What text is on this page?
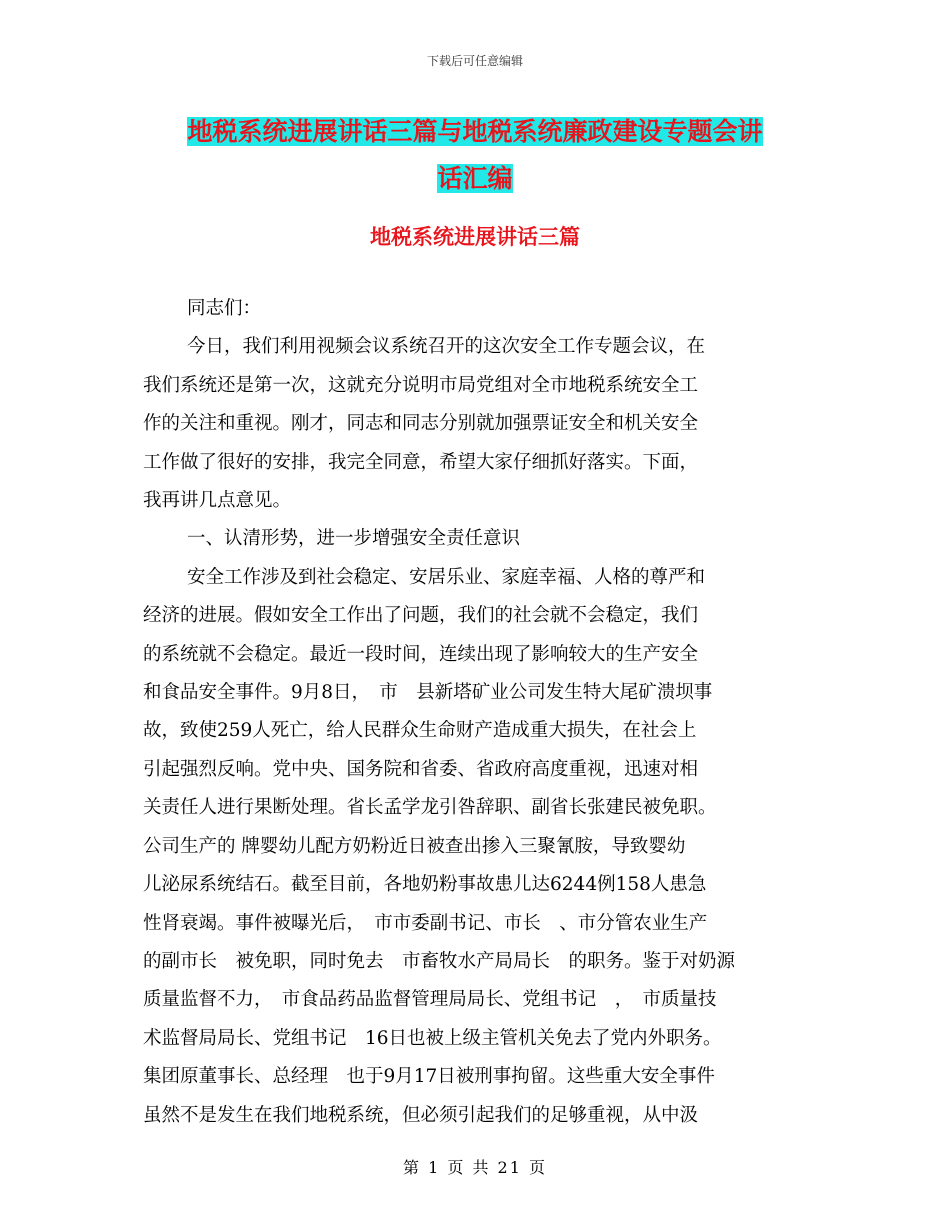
下载后可任意编辑
地税系统进展讲话三篇与地税系统廉政建设专题会讲
话汇编
地税系统进展讲话三篇

同志们：

今日，我们利用视频会议系统召开的这次安全工作专题会议，在

我们系统还是第一次，这就充分说明市局党组对全市地税系统安全工

作的关注和重视。刚才，同志和同志分别就加强票证安全和机关安全

工作做了很好的安排，我完全同意，希望大家仔细抓好落实。下面，

我再讲几点意见。

一、认清形势，进一步增强安全责任意识

安全工作涉及到社会稳定、安居乐业、家庭幸福、人格的尊严和

经济的进展。假如安全工作出了问题，我们的社会就不会稳定，我们

的系统就不会稳定。最近一段时间，连续出现了影响较大的生产安全

和食品安全事件。9月8日，　市　县新塔矿业公司发生特大尾矿溃坝事

故，致使259人死亡，给人民群众生命财产造成重大损失，在社会上

引起强烈反响。党中央、国务院和省委、省政府高度重视，迅速对相

关责任人进行果断处理。省长孟学龙引咎辞职、副省长张建民被免职。

公司生产的 牌婴幼儿配方奶粉近日被查出掺入三聚氰胺，导致婴幼

儿泌尿系统结石。截至目前，各地奶粉事故患儿达6244例158人患急

性肾衰竭。事件被曝光后，　市市委副书记、市长　、市分管农业生产

的副市长　被免职，同时免去　市畜牧水产局局长　的职务。鉴于对奶源

质量监督不力，　市食品药品监督管理局局长、党组书记　，　市质量技

术监督局局长、党组书记　16日也被上级主管机关免去了党内外职务。

集团原董事长、总经理　也于9月17日被刑事拘留。这些重大安全事件

虽然不是发生在我们地税系统，但必须引起我们的足够重视，从中汲

第 1 页 共 21 页
